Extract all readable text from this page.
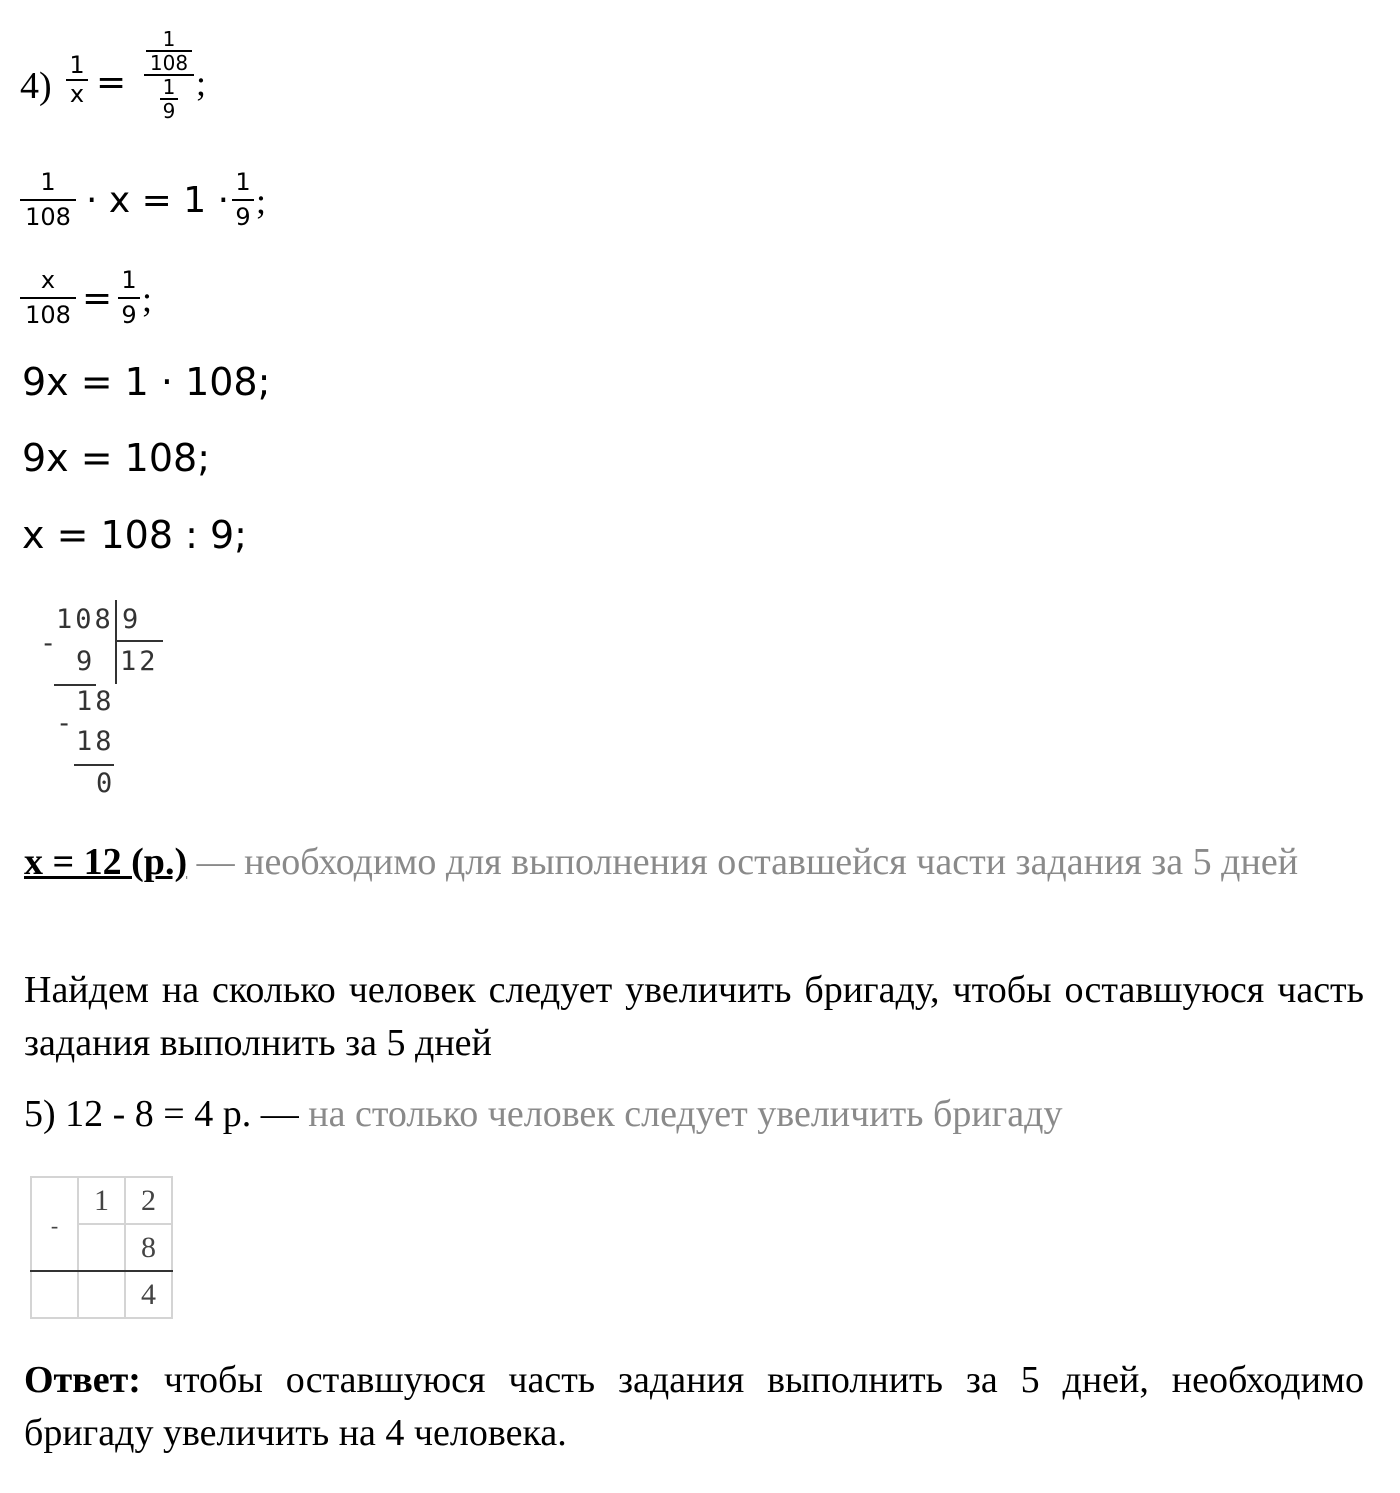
4) 1
x =
1
108
1
9
;
1
108 · x = 1 · 1
9 ;
x
108 = 1
9 ;
9x = 1 · 108;
9x = 108;
x = 108 : 9;
-
108 9
12
9
18
-
18
0
x = 12 (р.) — необходимо для выполнения оставшейся части задания за 5 дней
Найдем на сколько человек следует увеличить бригаду, чтобы оставшуюся часть задания выполнить за 5 дней
5) 12 - 8 = 4 р. — на столько человек следует увеличить бригаду
-	1	2
		8
		4
Ответ: чтобы оставшуюся часть задания выполнить за 5 дней, необходимо бригаду увеличить на 4 человека.
